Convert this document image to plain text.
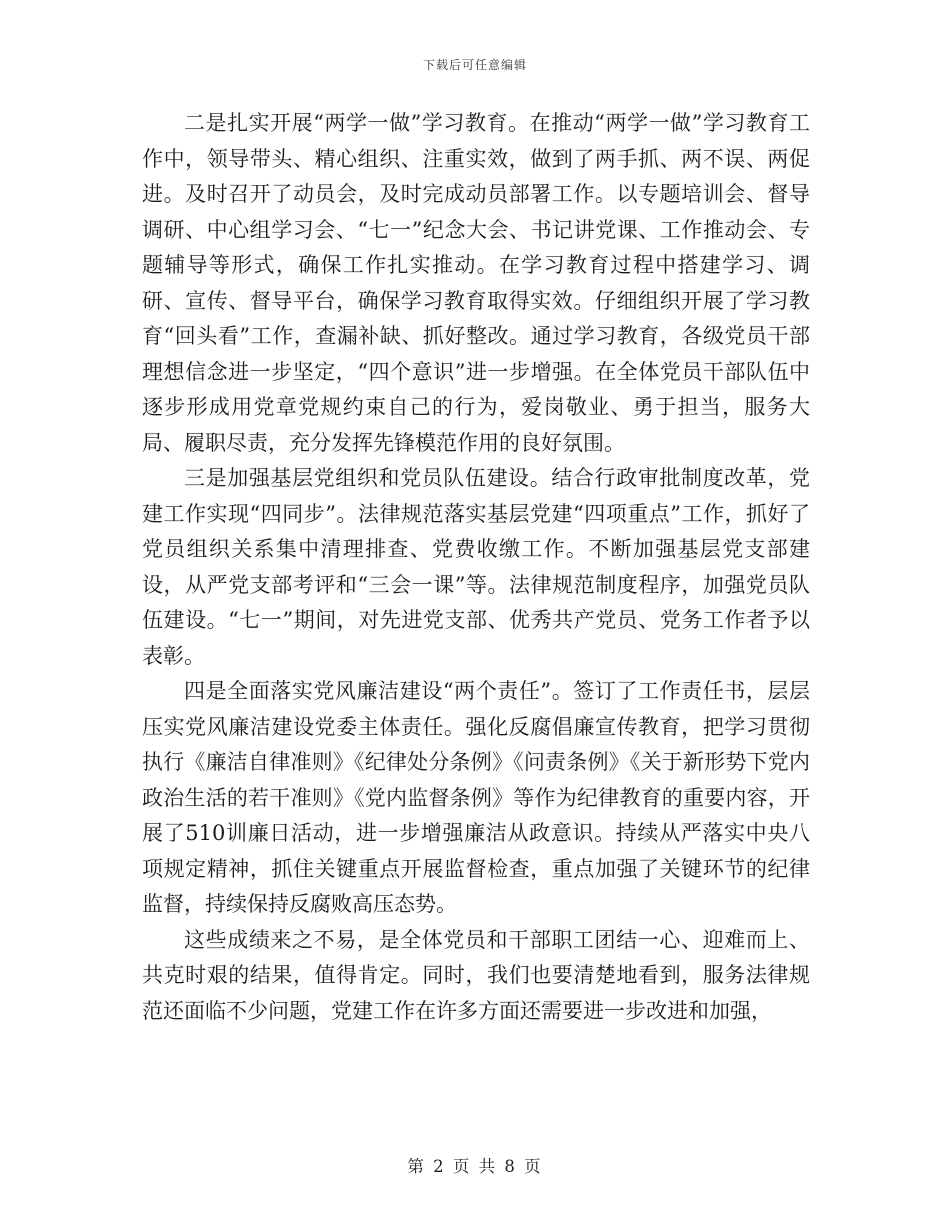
下载后可任意编辑

二是扎实开展“两学一做”学习教育。在推动“两学一做”学习教育工作中，领导带头、精心组织、注重实效，做到了两手抓、两不误、两促进。及时召开了动员会，及时完成动员部署工作。以专题培训会、督导调研、中心组学习会、“七一”纪念大会、书记讲党课、工作推动会、专题辅导等形式，确保工作扎实推动。在学习教育过程中搭建学习、调研、宣传、督导平台，确保学习教育取得实效。仔细组织开展了学习教育“回头看”工作，查漏补缺、抓好整改。通过学习教育，各级党员干部理想信念进一步坚定，“四个意识”进一步增强。在全体党员干部队伍中逐步形成用党章党规约束自己的行为，爱岗敬业、勇于担当，服务大局、履职尽责，充分发挥先锋模范作用的良好氛围。

三是加强基层党组织和党员队伍建设。结合行政审批制度改革，党建工作实现“四同步”。法律规范落实基层党建“四项重点”工作，抓好了党员组织关系集中清理排查、党费收缴工作。不断加强基层党支部建设，从严党支部考评和“三会一课”等。法律规范制度程序，加强党员队伍建设。“七一”期间，对先进党支部、优秀共产党员、党务工作者予以表彰。

四是全面落实党风廉洁建设“两个责任”。签订了工作责任书，层层压实党风廉洁建设党委主体责任。强化反腐倡廉宣传教育，把学习贯彻执行《廉洁自律准则》《纪律处分条例》《问责条例》《关于新形势下党内政治生活的若干准则》《党内监督条例》等作为纪律教育的重要内容，开展了510训廉日活动，进一步增强廉洁从政意识。持续从严落实中央八项规定精神，抓住关键重点开展监督检查，重点加强了关键环节的纪律监督，持续保持反腐败高压态势。

这些成绩来之不易，是全体党员和干部职工团结一心、迎难而上、共克时艰的结果，值得肯定。同时，我们也要清楚地看到，服务法律规范还面临不少问题，党建工作在许多方面还需要进一步改进和加强，

第 2 页 共 8 页
